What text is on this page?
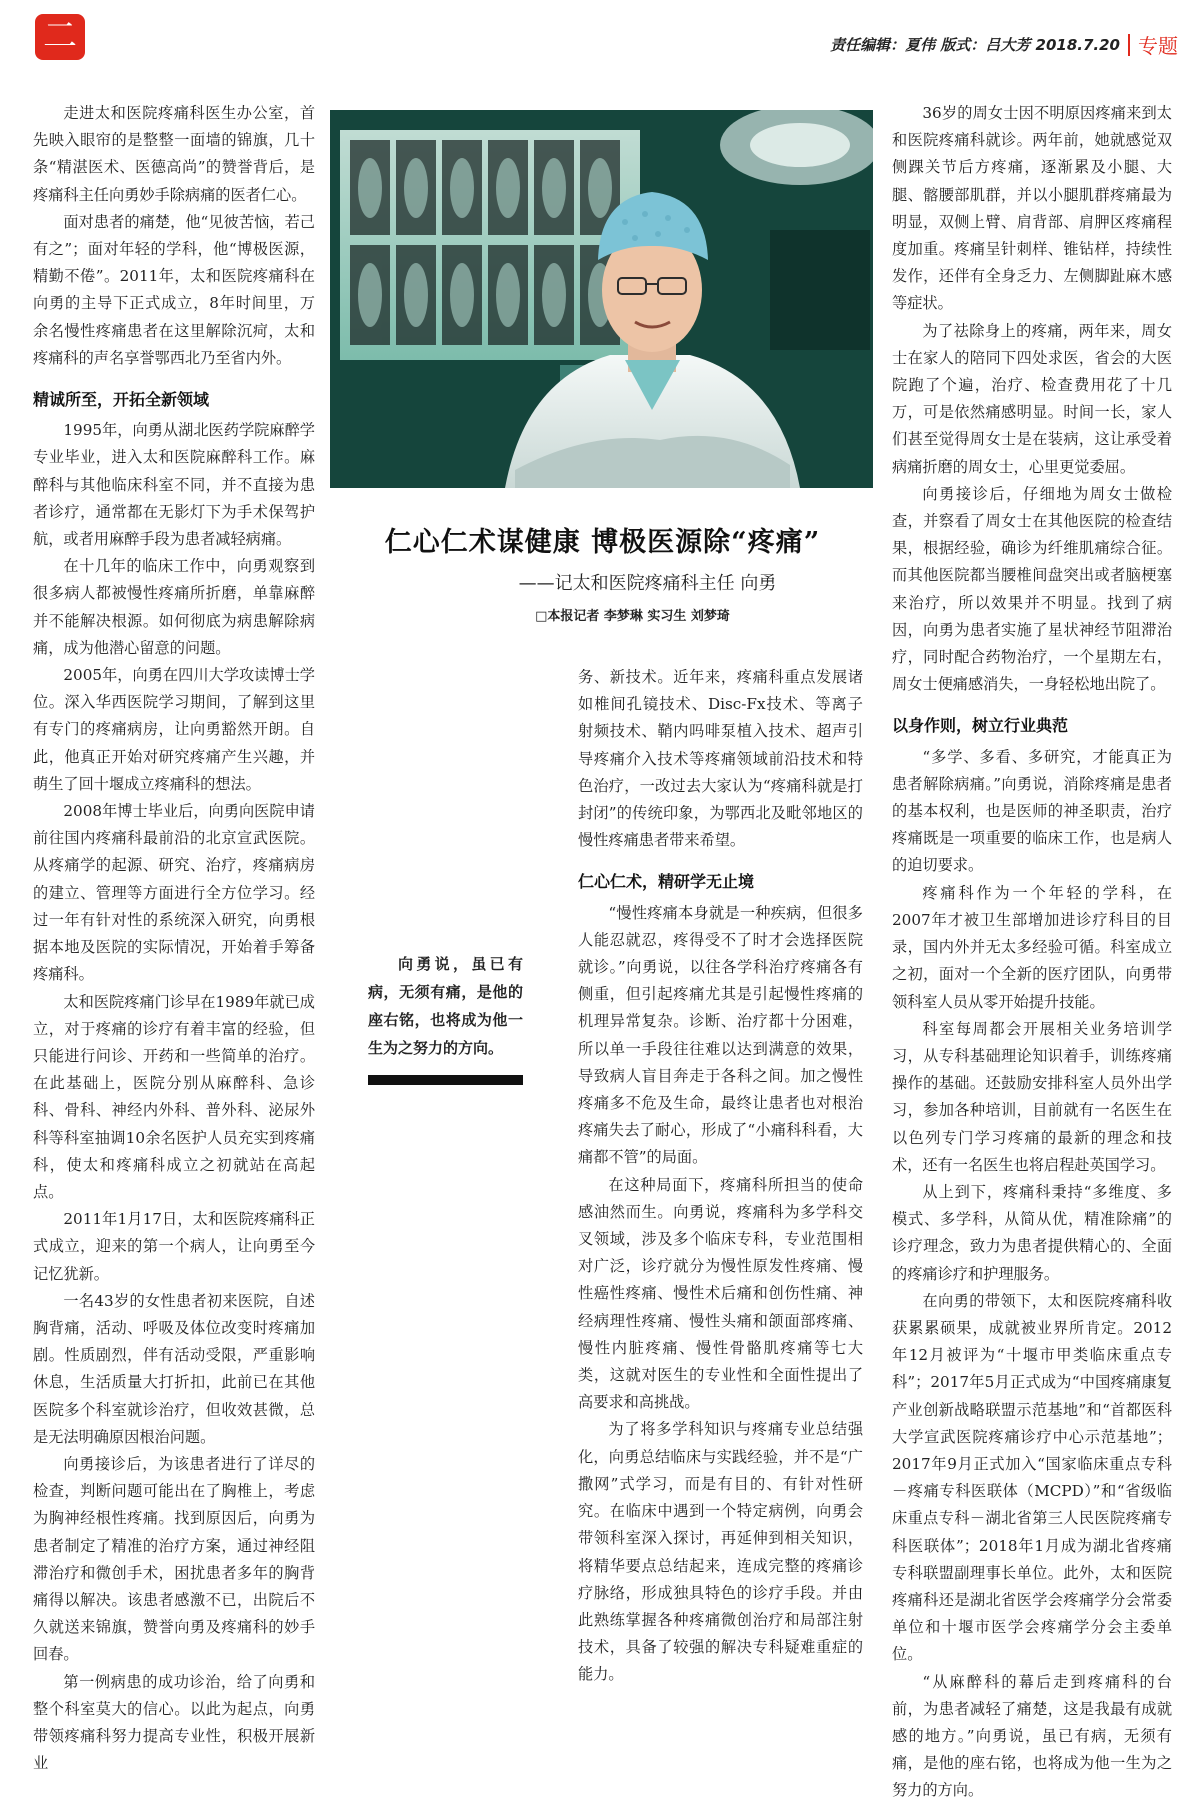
二	责任编辑：夏伟 版式：吕大芳 2018.7.20 专题

走进太和医院疼痛科医生办公室，首先映入眼帘的是整整一面墙的锦旗，几十条“精湛医术、医德高尚”的赞誉背后，是疼痛科主任向勇妙手除病痛的医者仁心。

面对患者的痛楚，他“见彼苦恼，若己有之”；面对年轻的学科，他“博极医源，精勤不倦”。2011年，太和医院疼痛科在向勇的主导下正式成立，8年时间里，万余名慢性疼痛患者在这里解除沉疴，太和疼痛科的声名享誉鄂西北乃至省内外。

精诚所至，开拓全新领域

1995年，向勇从湖北医药学院麻醉学专业毕业，进入太和医院麻醉科工作。麻醉科与其他临床科室不同，并不直接为患者诊疗，通常都在无影灯下为手术保驾护航，或者用麻醉手段为患者减轻病痛。

在十几年的临床工作中，向勇观察到很多病人都被慢性疼痛所折磨，单靠麻醉并不能解决根源。如何彻底为病患解除病痛，成为他潜心留意的问题。

2005年，向勇在四川大学攻读博士学位。深入华西医院学习期间，了解到这里有专门的疼痛病房，让向勇豁然开朗。自此，他真正开始对研究疼痛产生兴趣，并萌生了回十堰成立疼痛科的想法。

2008年博士毕业后，向勇向医院申请前往国内疼痛科最前沿的北京宣武医院。从疼痛学的起源、研究、治疗，疼痛病房的建立、管理等方面进行全方位学习。经过一年有针对性的系统深入研究，向勇根据本地及医院的实际情况，开始着手筹备疼痛科。

太和医院疼痛门诊早在1989年就已成立，对于疼痛的诊疗有着丰富的经验，但只能进行问诊、开药和一些简单的治疗。在此基础上，医院分别从麻醉科、急诊科、骨科、神经内外科、普外科、泌尿外科等科室抽调10余名医护人员充实到疼痛科，使太和疼痛科成立之初就站在高起点。

2011年1月17日，太和医院疼痛科正式成立，迎来的第一个病人，让向勇至今记忆犹新。

一名43岁的女性患者初来医院，自述胸背痛，活动、呼吸及体位改变时疼痛加剧。性质剧烈，伴有活动受限，严重影响休息，生活质量大打折扣，此前已在其他医院多个科室就诊治疗，但收效甚微，总是无法明确原因根治问题。

向勇接诊后，为该患者进行了详尽的检查，判断问题可能出在了胸椎上，考虑为胸神经根性疼痛。找到原因后，向勇为患者制定了精准的治疗方案，通过神经阻滞治疗和微创手术，困扰患者多年的胸背痛得以解决。该患者感激不已，出院后不久就送来锦旗，赞誉向勇及疼痛科的妙手回春。

第一例病患的成功诊治，给了向勇和整个科室莫大的信心。以此为起点，向勇带领疼痛科努力提高专业性，积极开展新业

仁心仁术谋健康 博极医源除“疼痛”
——记太和医院疼痛科主任 向勇
□本报记者 李梦琳 实习生 刘梦琦

向勇说，虽已有病，无须有痛，是他的座右铭，也将成为他一生为之努力的方向。

务、新技术。近年来，疼痛科重点发展诸如椎间孔镜技术、Disc-Fx技术、等离子射频技术、鞘内吗啡泵植入技术、超声引导疼痛介入技术等疼痛领域前沿技术和特色治疗，一改过去大家认为“疼痛科就是打封闭”的传统印象，为鄂西北及毗邻地区的慢性疼痛患者带来希望。

仁心仁术，精研学无止境

“慢性疼痛本身就是一种疾病，但很多人能忍就忍，疼得受不了时才会选择医院就诊。”向勇说，以往各学科治疗疼痛各有侧重，但引起疼痛尤其是引起慢性疼痛的机理异常复杂。诊断、治疗都十分困难，所以单一手段往往难以达到满意的效果，导致病人盲目奔走于各科之间。加之慢性疼痛多不危及生命，最终让患者也对根治疼痛失去了耐心，形成了“小痛科科看，大痛都不管”的局面。

在这种局面下，疼痛科所担当的使命感油然而生。向勇说，疼痛科为多学科交叉领域，涉及多个临床专科，专业范围相对广泛，诊疗就分为慢性原发性疼痛、慢性癌性疼痛、慢性术后痛和创伤性痛、神经病理性疼痛、慢性头痛和颌面部疼痛、慢性内脏疼痛、慢性骨骼肌疼痛等七大类，这就对医生的专业性和全面性提出了高要求和高挑战。

为了将多学科知识与疼痛专业总结强化，向勇总结临床与实践经验，并不是“广撒网”式学习，而是有目的、有针对性研究。在临床中遇到一个特定病例，向勇会带领科室深入探讨，再延伸到相关知识，将精华要点总结起来，连成完整的疼痛诊疗脉络，形成独具特色的诊疗手段。并由此熟练掌握各种疼痛微创治疗和局部注射技术，具备了较强的解决专科疑难重症的能力。

36岁的周女士因不明原因疼痛来到太和医院疼痛科就诊。两年前，她就感觉双侧踝关节后方疼痛，逐渐累及小腿、大腿、髂腰部肌群，并以小腿肌群疼痛最为明显，双侧上臂、肩背部、肩胛区疼痛程度加重。疼痛呈针刺样、锥钻样，持续性发作，还伴有全身乏力、左侧脚趾麻木感等症状。

为了祛除身上的疼痛，两年来，周女士在家人的陪同下四处求医，省会的大医院跑了个遍，治疗、检查费用花了十几万，可是依然痛感明显。时间一长，家人们甚至觉得周女士是在装病，这让承受着病痛折磨的周女士，心里更觉委屈。

向勇接诊后，仔细地为周女士做检查，并察看了周女士在其他医院的检查结果，根据经验，确诊为纤维肌痛综合征。而其他医院都当腰椎间盘突出或者脑梗塞来治疗，所以效果并不明显。找到了病因，向勇为患者实施了星状神经节阻滞治疗，同时配合药物治疗，一个星期左右，周女士便痛感消失，一身轻松地出院了。

以身作则，树立行业典范

“多学、多看、多研究，才能真正为患者解除病痛。”向勇说，消除疼痛是患者的基本权利，也是医师的神圣职责，治疗疼痛既是一项重要的临床工作，也是病人的迫切要求。

疼痛科作为一个年轻的学科，在2007年才被卫生部增加进诊疗科目的目录，国内外并无太多经验可循。科室成立之初，面对一个全新的医疗团队，向勇带领科室人员从零开始提升技能。

科室每周都会开展相关业务培训学习，从专科基础理论知识着手，训练疼痛操作的基础。还鼓励安排科室人员外出学习，参加各种培训，目前就有一名医生在以色列专门学习疼痛的最新的理念和技术，还有一名医生也将启程赴英国学习。

从上到下，疼痛科秉持“多维度、多模式、多学科，从简从优，精准除痛”的诊疗理念，致力为患者提供精心的、全面的疼痛诊疗和护理服务。

在向勇的带领下，太和医院疼痛科收获累累硕果，成就被业界所肯定。2012年12月被评为“十堰市甲类临床重点专科”；2017年5月正式成为“中国疼痛康复产业创新战略联盟示范基地”和“首都医科大学宣武医院疼痛诊疗中心示范基地”；2017年9月正式加入“国家临床重点专科－疼痛专科医联体（MCPD）”和“省级临床重点专科－湖北省第三人民医院疼痛专科医联体”；2018年1月成为湖北省疼痛专科联盟副理事长单位。此外，太和医院疼痛科还是湖北省医学会疼痛学分会常委单位和十堰市医学会疼痛学分会主委单位。

“从麻醉科的幕后走到疼痛科的台前，为患者减轻了痛楚，这是我最有成就感的地方。”向勇说，虽已有病，无须有痛，是他的座右铭，也将成为他一生为之努力的方向。
